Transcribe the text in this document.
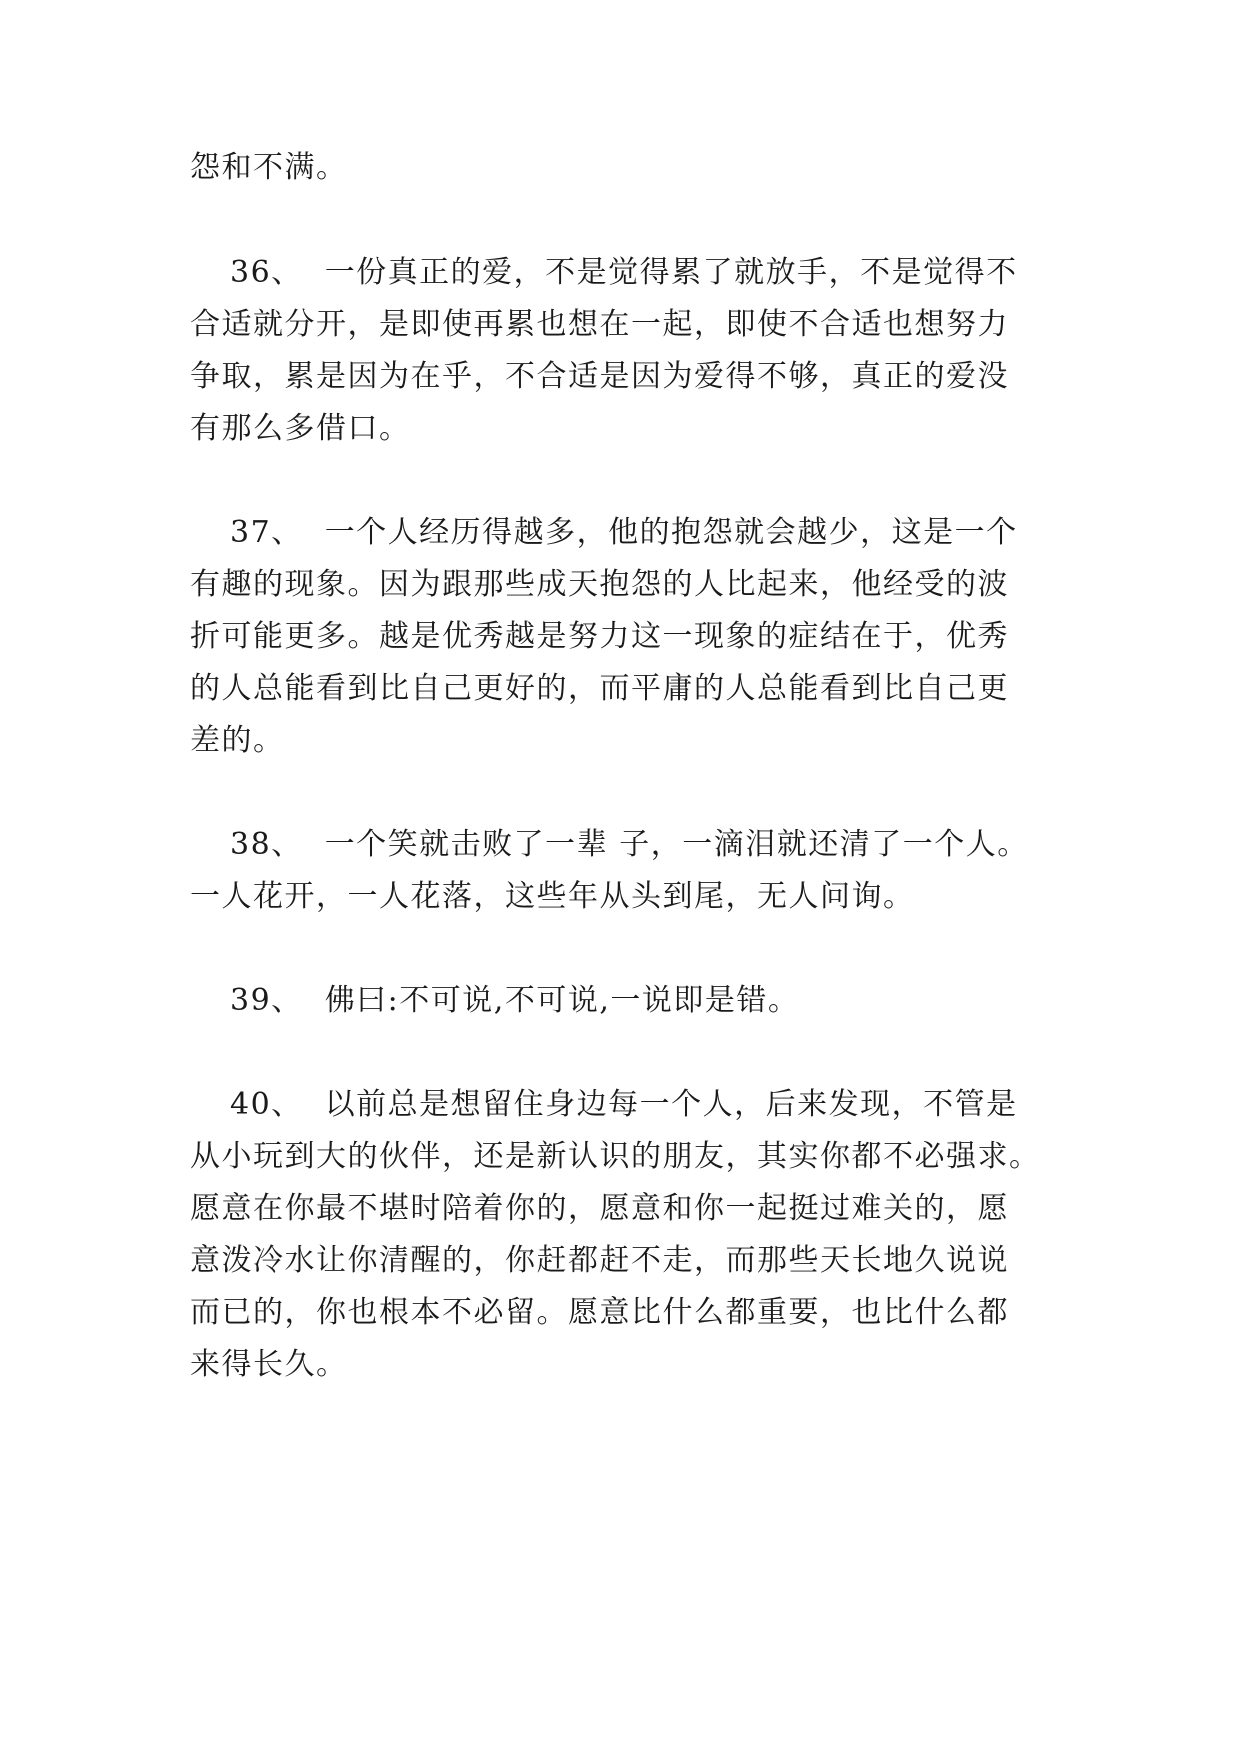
怨和不满。
36、 一份真正的爱，不是觉得累了就放手，不是觉得不
合适就分开，是即使再累也想在一起，即使不合适也想努力
争取，累是因为在乎，不合适是因为爱得不够，真正的爱没
有那么多借口。
37、 一个人经历得越多，他的抱怨就会越少，这是一个
有趣的现象。因为跟那些成天抱怨的人比起来，他经受的波
折可能更多。越是优秀越是努力这一现象的症结在于，优秀
的人总能看到比自己更好的，而平庸的人总能看到比自己更
差的。
38、 一个笑就击败了一辈 子，一滴泪就还清了一个人。
一人花开，一人花落，这些年从头到尾，无人问询。
39、 佛曰:不可说,不可说,一说即是错。
40、 以前总是想留住身边每一个人，后来发现，不管是
从小玩到大的伙伴，还是新认识的朋友，其实你都不必强求。
愿意在你最不堪时陪着你的，愿意和你一起挺过难关的，愿
意泼冷水让你清醒的，你赶都赶不走，而那些天长地久说说
而已的，你也根本不必留。愿意比什么都重要，也比什么都
来得长久。
